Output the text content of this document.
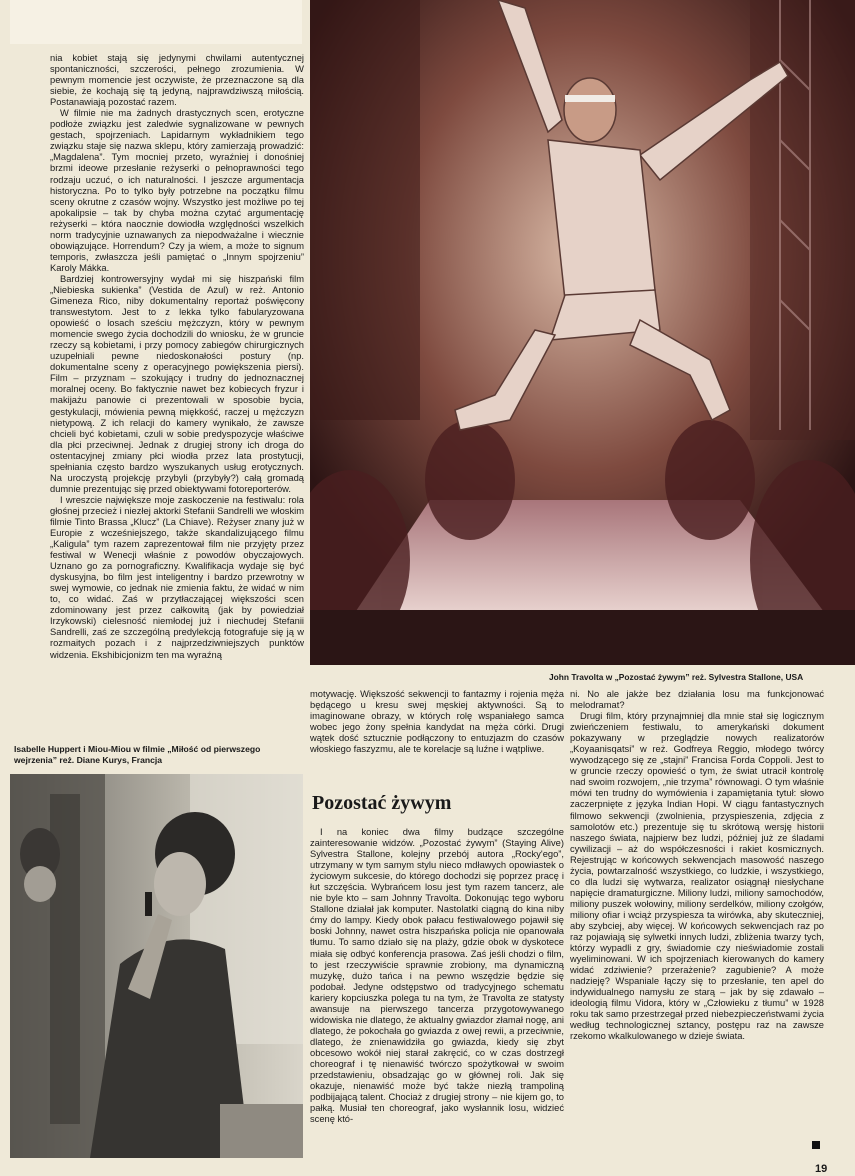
nia kobiet stają się jedynymi chwilami autentycznej spontaniczności, szczerości, pełnego zrozumienia. W pewnym momencie jest oczywiste, że przeznaczone są dla siebie, że kochają się tą jedyną, najprawdziwszą miłością. Postanawiają pozostać razem.

W filmie nie ma żadnych drastycznych scen, erotyczne podłoże związku jest zaledwie sygnalizowane w pewnych gestach, spojrzeniach. Lapidarnym wykładnikiem tego związku staje się nazwa sklepu, który zamierzają prowadzić: „Magdalena”. Tym mocniej przeto, wyraźniej i donośniej brzmi ideowe przesłanie reżyserki o pełnoprawności tego rodzaju uczuć, o ich naturalności. I jeszcze argumentacja historyczna. Po to tylko były potrzebne na początku filmu sceny okrutne z czasów wojny. Wszystko jest możliwe po tej apokalipsie – tak by chyba można czytać argumentację reżyserki – która naocznie dowiodła względności wszelkich norm tradycyjnie uznawanych za niepodważalne i wiecznie obowiązujące. Horrendum? Czy ja wiem, a może to signum temporis, zwłaszcza jeśli pamiętać o „Innym spojrzeniu” Karoly Mákka.

Bardziej kontrowersyjny wydał mi się hiszpański film „Niebieska sukienka” (Vestida de Azul) w reż. Antonio Gimeneza Rico, niby dokumentalny reportaż poświęcony transwestytom. Jest to z lekka tylko fabularyzowana opowieść o losach sześciu mężczyzn, który w pewnym momencie swego życia dochodzili do wniosku, że w gruncie rzeczy są kobietami, i przy pomocy zabiegów chirurgicznych uzupełniali pewne niedoskonałości postury (np. dokumentalne sceny z operacyjnego powiększenia piersi). Film – przyznam – szokujący i trudny do jednoznacznej moralnej oceny. Bo faktycznie nawet bez kobiecych fryzur i makijażu panowie ci prezentowali w sposobie bycia, gestykulacji, mówienia pewną miękkość, raczej u mężczyzn nietypową. Z ich relacji do kamery wynikało, że zawsze chcieli być kobietami, czuli w sobie predyspozycje właściwe dla płci przeciwnej. Jednak z drugiej strony ich droga do ostentacyjnej zmiany płci wiodła przez lata prostytucji, spełniania często bardzo wyszukanych usług erotycznych. Na uroczystą projekcję przybyli (przybyły?) całą gromadą dumnie prezentując się przed obiektywami fotoreporterów.

I wreszcie największe moje zaskoczenie na festiwalu: rola głośnej przecież i niezłej aktorki Stefanii Sandrelli we włoskim filmie Tinto Brassa „Klucz” (La Chiave). Reżyser znany już w Europie z wcześniejszego, także skandalizującego filmu „Kaligula” tym razem zaprezentował film nie przyjęty przez festiwal w Wenecji właśnie z powodów obyczajowych. Uznano go za pornograficzny. Kwalifikacja wydaje się być dyskusyjna, bo film jest inteligentny i bardzo przewrotny w swej wymowie, co jednak nie zmienia faktu, że widać w nim to, co widać. Zaś w przytłaczającej większości scen zdominowany jest przez całkowitą (jak by powiedział Irzykowski) cielesność niemłodej już i niechudej Stefanii Sandrelli, zaś ze szczególną predylekcją fotografuje się ją w rozmaitych pozach i z najprzedziwniejszych punktów widzenia. Ekshibicjonizm ten ma wyraźną

John Travolta w „Pozostać żywym” reż. Sylvestra Stallone, USA

motywację. Większość sekwencji to fantazmy i rojenia męża będącego u kresu swej męskiej aktywności. Są to imaginowane obrazy, w których rolę wspaniałego samca wobec jego żony spełnia kandydat na męża córki. Drugi wątek dość sztucznie podłączony to entuzjazm do czasów włoskiego faszyzmu, ale te korelacje są luźne i wątpliwe.

Pozostać żywym

I na koniec dwa filmy budzące szczególne zainteresowanie widzów. „Pozostać żywym” (Staying Alive) Sylvestra Stallone, kolejny przebój autora „Rocky'ego”, utrzymany w tym samym stylu nieco mdławych opowiastek o życiowym sukcesie, do którego dochodzi się poprzez pracę i łut szczęścia. Wybrańcem losu jest tym razem tancerz, ale nie byle kto – sam Johnny Travolta. Dokonując tego wyboru Stallone działał jak komputer. Nastolatki ciągną do kina niby ćmy do lampy. Kiedy obok pałacu festiwalowego pojawił się boski Johnny, nawet ostra hiszpańska policja nie opanowała tłumu. To samo działo się na plaży, gdzie obok w dyskotece miała się odbyć konferencja prasowa. Zaś jeśli chodzi o film, to jest rzeczywiście sprawnie zrobiony, ma dynamiczną muzykę, dużo tańca i na pewno wszędzie będzie się podobał. Jedyne odstępstwo od tradycyjnego schematu kariery kopciuszka polega tu na tym, że Travolta ze statysty awansuje na pierwszego tancerza przygotowywanego widowiska nie dlatego, że aktualny gwiazdor złamał nogę, ani dlatego, że pokochała go gwiazda z owej rewii, a przeciwnie, dlatego, że znienawidziła go gwiazda, kiedy się zbyt obcesowo wokół niej starał zakręcić, co w czas dostrzegł choreograf i tę nienawiść twórczo spożytkował w swoim przedstawieniu, obsadzając go w głównej roli. Jak się okazuje, nienawiść może być także niezłą trampoliną podbijającą talent. Chociaż z drugiej strony – nie kijem go, to pałką. Musiał ten choreograf, jako wysłannik losu, widzieć scenę któ-

ni. No ale jakże bez działania losu ma funkcjonować melodramat?

Drugi film, który przynajmniej dla mnie stał się logicznym zwieńczeniem festiwalu, to amerykański dokument pokazywany w przeglądzie nowych realizatorów „Koyaanisqatsi” w reż. Godfreya Reggio, młodego twórcy wywodzącego się ze „stajni” Francisa Forda Coppoli. Jest to w gruncie rzeczy opowieść o tym, że świat utracił kontrolę nad swoim rozwojem, „nie trzyma” równowagi. O tym właśnie mówi ten trudny do wymówienia i zapamiętania tytuł: słowo zaczerpnięte z języka Indian Hopi. W ciągu fantastycznych filmowo sekwencji (zwolnienia, przyspieszenia, zdjęcia z samolotów etc.) prezentuje się tu skrótową wersję historii naszego świata, najpierw bez ludzi, później już ze śladami cywilizacji – aż do współczesności i rakiet kosmicznych. Rejestrując w końcowych sekwencjach masowość naszego życia, powtarzalność wszystkiego, co ludzkie, i wszystkiego, co dla ludzi się wytwarza, realizator osiągnął niesłychane napięcie dramaturgiczne. Miliony ludzi, miliony samochodów, miliony puszek wołowiny, miliony serdelków, miliony czołgów, miliony ofiar i wciąż przyspiesza ta wirówka, aby skuteczniej, aby szybciej, aby więcej. W końcowych sekwencjach raz po raz pojawiają się sylwetki innych ludzi, zbliżenia twarzy tych, którzy wypadli z gry, świadomie czy nieświadomie zostali wyeliminowani. W ich spojrzeniach kierowanych do kamery widać zdziwienie? przerażenie? zagubienie? A może nadzieję? Wspaniale łączy się to przesłanie, ten apel do indywidualnego namysłu ze starą – jak by się zdawało – ideologią filmu Vidora, który w „Człowieku z tłumu” w 1928 roku tak samo przestrzegał przed niebezpieczeństwami życia według technologicznej sztancy, postępu raz na zawsze rzekomo wkalkulowanego w dzieje świata.

Isabelle Huppert i Miou-Miou w filmie „Miłość od pierwszego wejrzenia” reż. Diane Kurys, Francja
19
